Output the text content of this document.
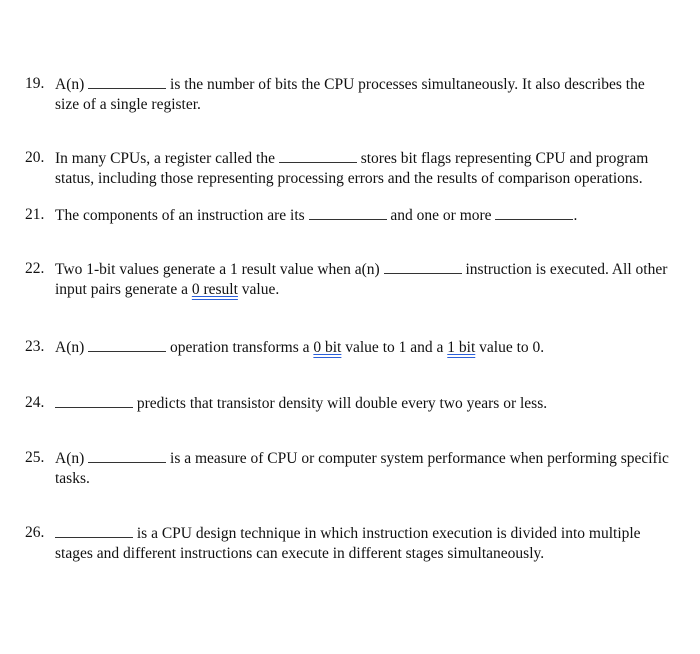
19. A(n)	is the number of bits the CPU processes simultaneously. It also describes the
size of a single register.
20. In many CPUs, a register called the	stores bit flags representing CPU and program
status, including those representing processing errors and the results of comparison operations.
21. The components of an instruction are its	and one or more	.
22. Two 1-bit values generate a 1 result value when a(n)	instruction is executed. All other
input pairs generate a 0 result value.
23. A(n)	operation transforms a 0 bit value to 1 and a 1 bit value to 0.
24.	predicts that transistor density will double every two years or less.
25. A(n)	is a measure of CPU or computer system performance when performing specific
tasks.
26.	is a CPU design technique in which instruction execution is divided into multiple
stages and different instructions can execute in different stages simultaneously.
